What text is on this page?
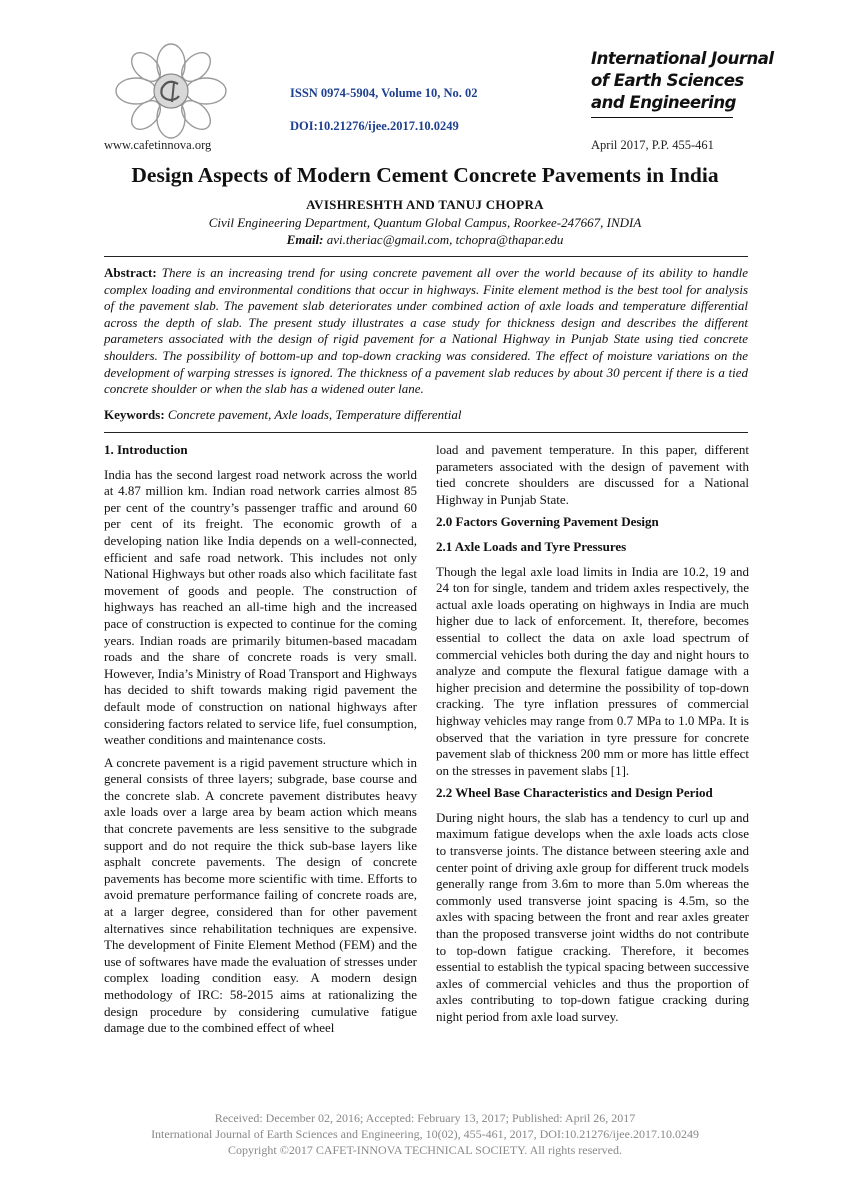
ISSN 0974-5904, Volume 10, No. 02
DOI:10.21276/ijee.2017.10.0249
www.cafetinnova.org
International Journal
of Earth Sciences
and Engineering
April 2017, P.P. 455-461
Design Aspects of Modern Cement Concrete Pavements in India
AVISHRESHTH AND TANUJ CHOPRA
Civil Engineering Department, Quantum Global Campus, Roorkee-247667, INDIA
Email: avi.theriac@gmail.com, tchopra@thapar.edu
Abstract: There is an increasing trend for using concrete pavement all over the world because of its ability to handle complex loading and environmental conditions that occur in highways. Finite element method is the best tool for analysis of the pavement slab. The pavement slab deteriorates under combined action of axle loads and temperature differential across the depth of slab. The present study illustrates a case study for thickness design and describes the different parameters associated with the design of rigid pavement for a National Highway in Punjab State using tied concrete shoulders. The possibility of bottom-up and top-down cracking was considered. The effect of moisture variations on the development of warping stresses is ignored. The thickness of a pavement slab reduces by about 30 percent if there is a tied concrete shoulder or when the slab has a widened outer lane.
Keywords: Concrete pavement, Axle loads, Temperature differential
1. Introduction

India has the second largest road network across the world at 4.87 million km. Indian road network carries almost 85 per cent of the country’s passenger traffic and around 60 per cent of its freight. The economic growth of a developing nation like India depends on a well-connected, efficient and safe road network. This includes not only National Highways but other roads also which facilitate fast movement of goods and people. The construction of highways has reached an all-time high and the increased pace of construction is expected to continue for the coming years. Indian roads are primarily bitumen-based macadam roads and the share of concrete roads is very small. However, India’s Ministry of Road Transport and Highways has decided to shift towards making rigid pavement the default mode of construction on national highways after considering factors related to service life, fuel consumption, weather conditions and maintenance costs.

A concrete pavement is a rigid pavement structure which in general consists of three layers; subgrade, base course and the concrete slab. A concrete pavement distributes heavy axle loads over a large area by beam action which means that concrete pavements are less sensitive to the subgrade support and do not require the thick sub-base layers like asphalt concrete pavements. The design of concrete pavements has become more scientific with time. Efforts to avoid premature performance failing of concrete roads are, at a larger degree, considered than for other pavement alternatives since rehabilitation techniques are expensive. The development of Finite Element Method (FEM) and the use of softwares have made the evaluation of stresses under complex loading condition easy. A modern design methodology of IRC: 58-2015 aims at rationalizing the design procedure by considering cumulative fatigue damage due to the combined effect of wheel

load and pavement temperature. In this paper, different parameters associated with the design of pavement with tied concrete shoulders are discussed for a National Highway in Punjab State.

2.0 Factors Governing Pavement Design
2.1 Axle Loads and Tyre Pressures

Though the legal axle load limits in India are 10.2, 19 and 24 ton for single, tandem and tridem axles respectively, the actual axle loads operating on highways in India are much higher due to lack of enforcement. It, therefore, becomes essential to collect the data on axle load spectrum of commercial vehicles both during the day and night hours to analyze and compute the flexural fatigue damage with a higher precision and determine the possibility of top-down cracking. The tyre inflation pressures of commercial highway vehicles may range from 0.7 MPa to 1.0 MPa. It is observed that the variation in tyre pressure for concrete pavement slab of thickness 200 mm or more has little effect on the stresses in pavement slabs [1].

2.2 Wheel Base Characteristics and Design Period

During night hours, the slab has a tendency to curl up and maximum fatigue develops when the axle loads acts close to transverse joints. The distance between steering axle and center point of driving axle group for different truck models generally range from 3.6m to more than 5.0m whereas the commonly used transverse joint spacing is 4.5m, so the axles with spacing between the front and rear axles greater than the proposed transverse joint widths do not contribute to top-down fatigue cracking. Therefore, it becomes essential to establish the typical spacing between successive axles of commercial vehicles and thus the proportion of axles contributing to top-down fatigue cracking during night period from axle load survey.

Received: December 02, 2016; Accepted: February 13, 2017; Published: April 26, 2017
International Journal of Earth Sciences and Engineering, 10(02), 455-461, 2017, DOI:10.21276/ijee.2017.10.0249
Copyright ©2017 CAFET-INNOVA TECHNICAL SOCIETY. All rights reserved.
